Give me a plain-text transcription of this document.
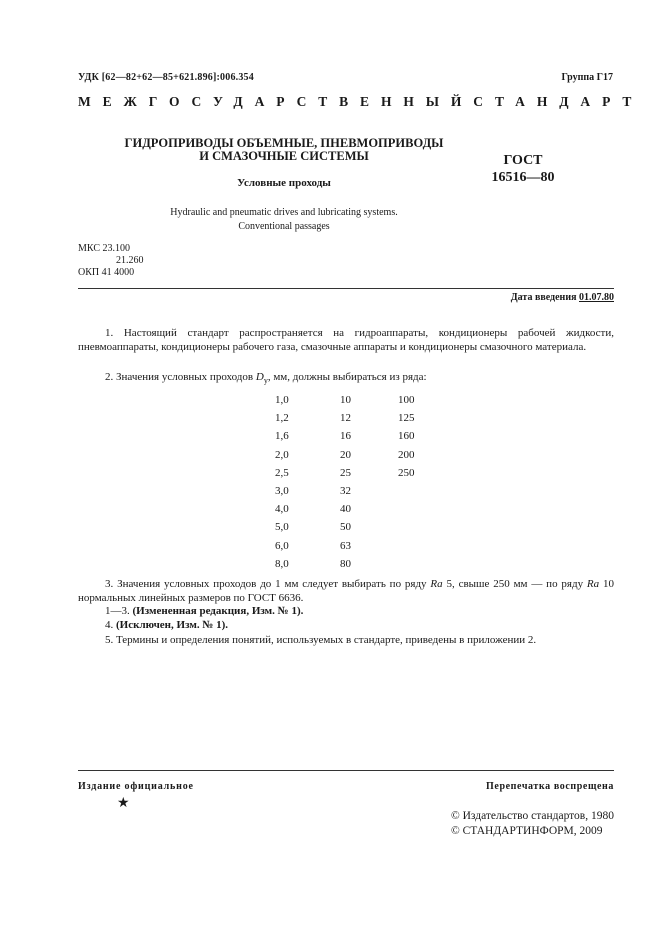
УДК [62—82+62—85+621.896]:006.354	Группа Г17
МЕЖГОСУДАРСТВЕННЫЙ СТАНДАРТ
ГИДРОПРИВОДЫ ОБЪЕМНЫЕ, ПНЕВМОПРИВОДЫ
И СМАЗОЧНЫЕ СИСТЕМЫ
Условные проходы
ГОСТ
16516—80
Hydraulic and pneumatic drives and lubricating systems.
Conventional passages
МКС 23.100
21.260
ОКП 41 4000
Дата введения 01.07.80
1. Настоящий стандарт распространяется на гидроаппараты, кондиционеры рабочей жидкости, пневмоаппараты, кондиционеры рабочего газа, смазочные аппараты и кондиционеры смазочного материала.
2. Значения условных проходов $D_y$, мм, должны выбираться из ряда:
1,0	10	100
1,2	12	125
1,6	16	160
2,0	20	200
2,5	25	250
3,0	32
4,0	40
5,0	50
6,0	63
8,0	80
3. Значения условных проходов до 1 мм следует выбирать по ряду Ra 5, свыше 250 мм — по ряду Ra 10 нормальных линейных размеров по ГОСТ 6636.
1—3. (Измененная редакция, Изм. № 1).
4. (Исключен, Изм. № 1).
5. Термины и определения понятий, используемых в стандарте, приведены в приложении 2.
Издание официальное	Перепечатка воспрещена
★
© Издательство стандартов, 1980
© СТАНДАРТИНФОРМ, 2009
